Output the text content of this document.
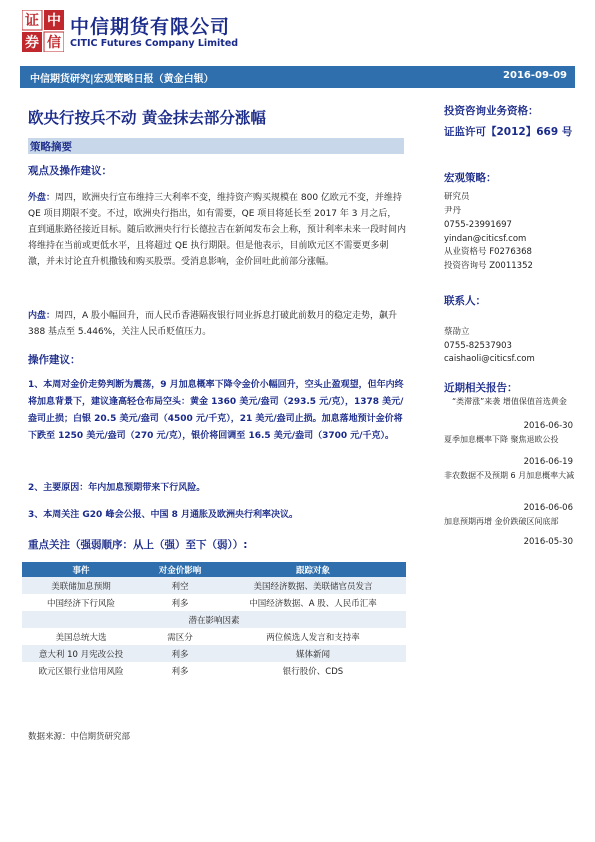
证 中
券 信
中信期货有限公司
CITIC Futures Company Limited
中信期货研究|宏观策略日报（黄金白银）	2016-09-09
欧央行按兵不动 黄金抹去部分涨幅
策略摘要
观点及操作建议：
外盘：周四，欧洲央行宣布维持三大利率不变，维持资产购买规模在 800 亿欧元不变，并维持 QE 项目期限不变。不过，欧洲央行指出，如有需要，QE 项目将延长至 2017 年 3 月之后， 直到通胀路径接近目标。随后欧洲央行行长德拉吉在新闻发布会上称，预计利率未来一段时间内将维持在当前或更低水平，且将超过 QE 执行期限。但是他表示，目前欧元区不需要更多刺激，并未讨论直升机撒钱和购买股票。受消息影响，金价回吐此前部分涨幅。
内盘：周四，A 股小幅回升，而人民币香港隔夜银行同业拆息打破此前数月的稳定走势，飙升 388 基点至 5.446%，关注人民币贬值压力。
操作建议：
1、本周对金价走势判断为震荡，9 月加息概率下降令金价小幅回升，空头止盈观望，但年内终将加息背景下，建议逢高轻仓布局空头：黄金 1360 美元/盎司（293.5 元/克），1378 美元/盎司止损；白银 20.5 美元/盎司（4500 元/千克），21 美元/盎司止损。加息落地预计金价将下跌至 1250 美元/盎司（270 元/克），银价将回调至 16.5 美元/盎司（3700 元/千克）。
2、主要原因：年内加息预期带来下行风险。
3、本周关注 G20 峰会公报、中国 8 月通胀及欧洲央行利率决议。
重点关注（强弱顺序：从上（强）至下（弱））:
事件	对金价影响	跟踪对象
美联储加息预期	利空	美国经济数据、美联储官员发言
中国经济下行风险	利多	中国经济数据、A 股、人民币汇率
潜在影响因素		
美国总统大选	需区分	两位候选人发言和支持率
意大利 10 月宪改公投	利多	媒体新闻
欧元区银行业信用风险	利多	银行股价、CDS
数据来源：中信期货研究部
投资咨询业务资格：
证监许可【2012】669 号
宏观策略：
研究员
尹丹
0755-23991697
yindan@citicsf.com
从业资格号 F0276368
投资咨询号 Z0011352
联系人：
蔡劭立
0755-82537903
caishaoli@citicsf.com
近期相关报告：
“类滞涨”来袭 增值保值首选黄金
2016-06-30
夏季加息概率下降 聚焦退欧公投
2016-06-19
非农数据不及预期 6 月加息概率大减
2016-06-06
加息预期再增 金价跌破区间底部
2016-05-30
